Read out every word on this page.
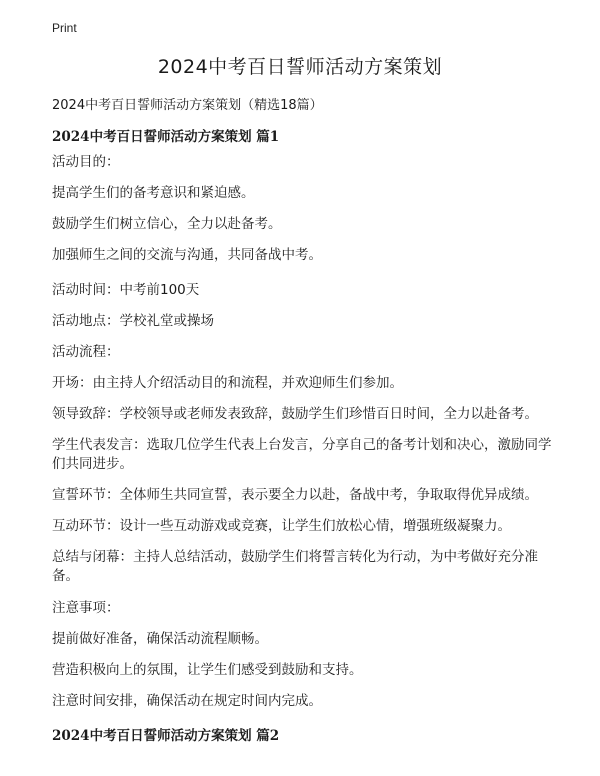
Print
2024中考百日誓师活动方案策划

2024中考百日誓师活动方案策划（精选18篇）

2024中考百日誓师活动方案策划 篇1

活动目的：

提高学生们的备考意识和紧迫感。

鼓励学生们树立信心，全力以赴备考。

加强师生之间的交流与沟通，共同备战中考。

活动时间：中考前100天

活动地点：学校礼堂或操场

活动流程：

开场：由主持人介绍活动目的和流程，并欢迎师生们参加。

领导致辞：学校领导或老师发表致辞，鼓励学生们珍惜百日时间，全力以赴备考。

学生代表发言：选取几位学生代表上台发言，分享自己的备考计划和决心，激励同学们共同进步。

宣誓环节：全体师生共同宣誓，表示要全力以赴，备战中考，争取取得优异成绩。

互动环节：设计一些互动游戏或竞赛，让学生们放松心情，增强班级凝聚力。

总结与闭幕：主持人总结活动，鼓励学生们将誓言转化为行动，为中考做好充分准备。

注意事项：

提前做好准备，确保活动流程顺畅。

营造积极向上的氛围，让学生们感受到鼓励和支持。

注意时间安排，确保活动在规定时间内完成。

2024中考百日誓师活动方案策划 篇2
